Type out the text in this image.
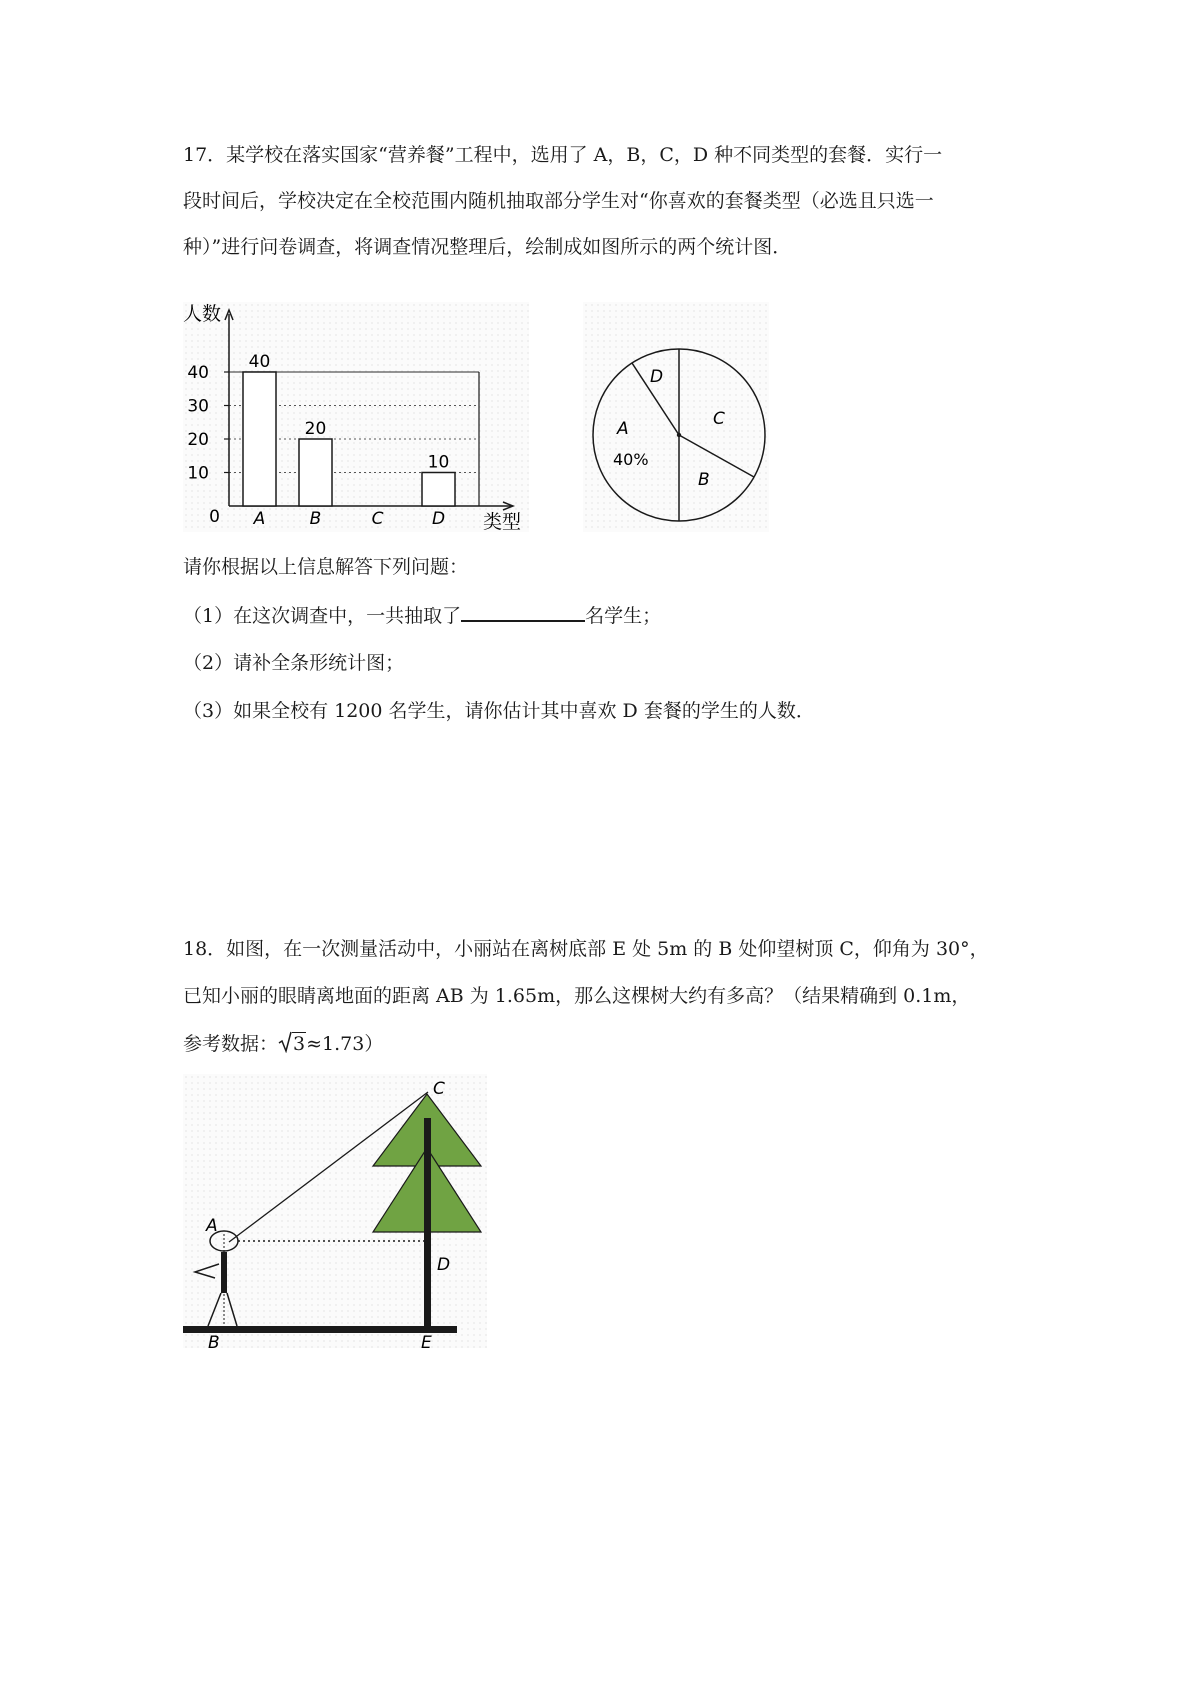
17．某学校在落实国家“营养餐”工程中，选用了 A，B，C，D 种不同类型的套餐．实行一

段时间后，学校决定在全校范围内随机抽取部分学生对“你喜欢的套餐类型（必选且只选一

种）”进行问卷调查，将调查情况整理后，绘制成如图所示的两个统计图．

40
20
10
10
20
30
40
A	B	C	D
人数
类型
0
D
C
B
A
40%

请你根据以上信息解答下列问题：

（1）在这次调查中，一共抽取了	名学生；

（2）请补全条形统计图；

（3）如果全校有 1200 名学生，请你估计其中喜欢 D 套餐的学生的人数．

18．如图，在一次测量活动中，小丽站在离树底部 E 处 5m 的 B 处仰望树顶 C，仰角为 30°，

已知小丽的眼睛离地面的距离 AB 为 1.65m，那么这棵树大约有多高？（结果精确到 0.1m，

参考数据： 3≈1.73）

C
A
D
B	E
